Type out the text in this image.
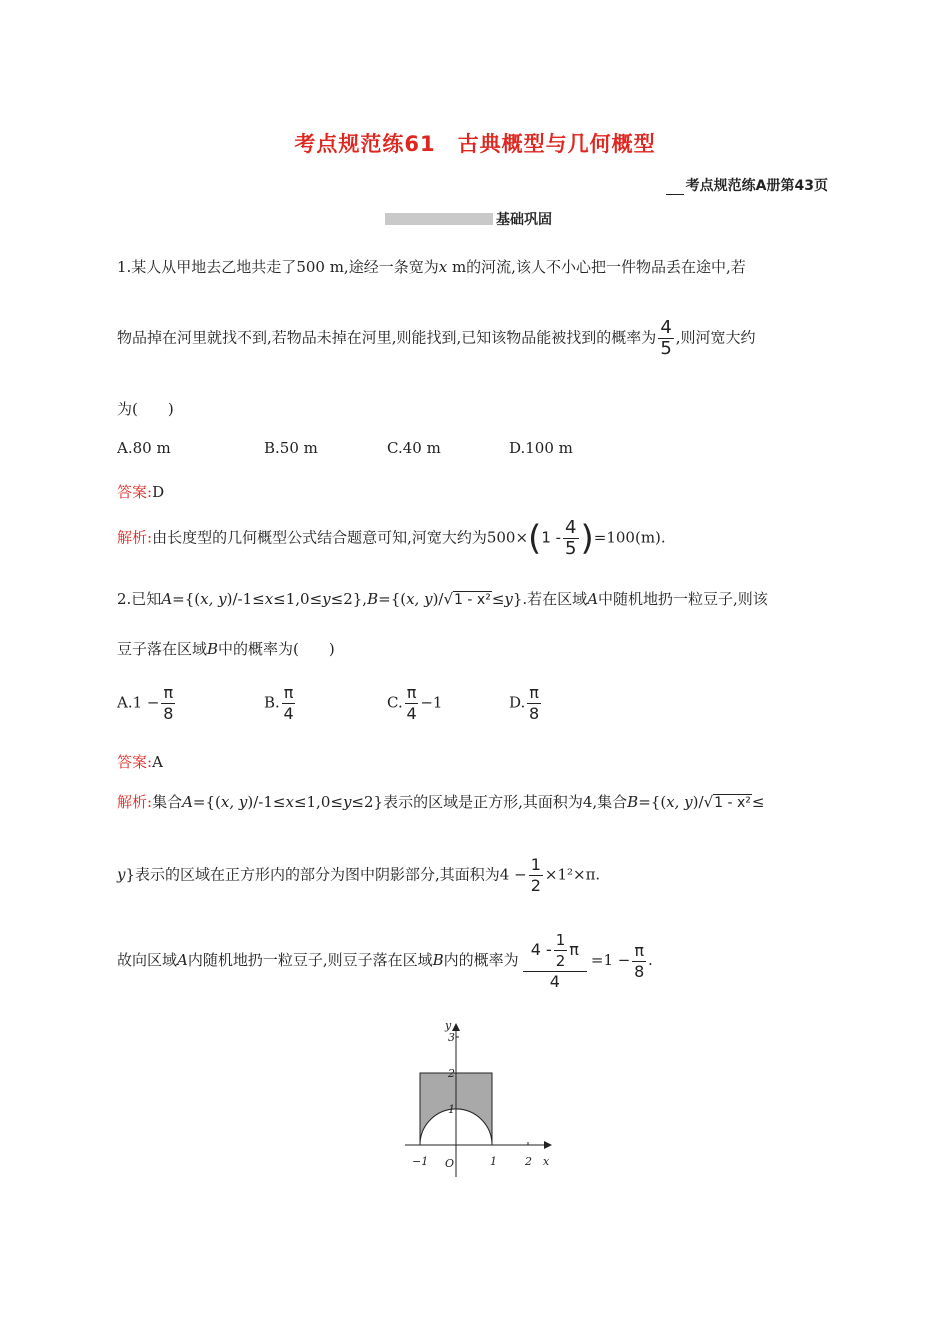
考点规范练61　古典概型与几何概型
考点规范练A册第43页
基础巩固
1.某人从甲地去乙地共走了500 m,途经一条宽为x m的河流,该人不小心把一件物品丢在途中,若
物品掉在河里就找不到,若物品未掉在河里,则能找到,已知该物品能被找到的概率为 $\frac{4}{5}$ ,则河宽大约
为(　　)
A.80 m	B.50 m	C.40 m	D.100 m
答案:D
解析:由长度型的几何概型公式结合题意可知,河宽大约为$500\times(1 - \frac{4}{5} )=100(m)$.
2.已知A={(x, y)/-1≤x≤1,0≤y≤2},B={(x, y)/√1 - x²≤y}.若在区域A中随机地扔一粒豆子,则该
豆子落在区域B中的概率为(　　)
$A.1 - \frac{\pi}{8}$	B. $\frac{\pi}{4}$	C. $\frac{\pi}{4} -1$	D. $\frac{\pi}{8}$
答案:A
解析:集合A={(x, y)/-1≤x≤1,0≤y≤2}表示的区域是正方形,其面积为4,集合B={(x, y)/√1 - x²≤
y}表示的区域在正方形内的部分为图中阴影部分,其面积为$4 - \frac{1}{2} \times 1^2\times\pi$.
故向区域A内随机地扔一粒豆子,则豆子落在区域B内的概率为 $\frac{4 - \frac{1}{2} \pi}{4} =1 - \frac{\pi}{8}$ .
−1 O	1	2 x
1
2
3
y
